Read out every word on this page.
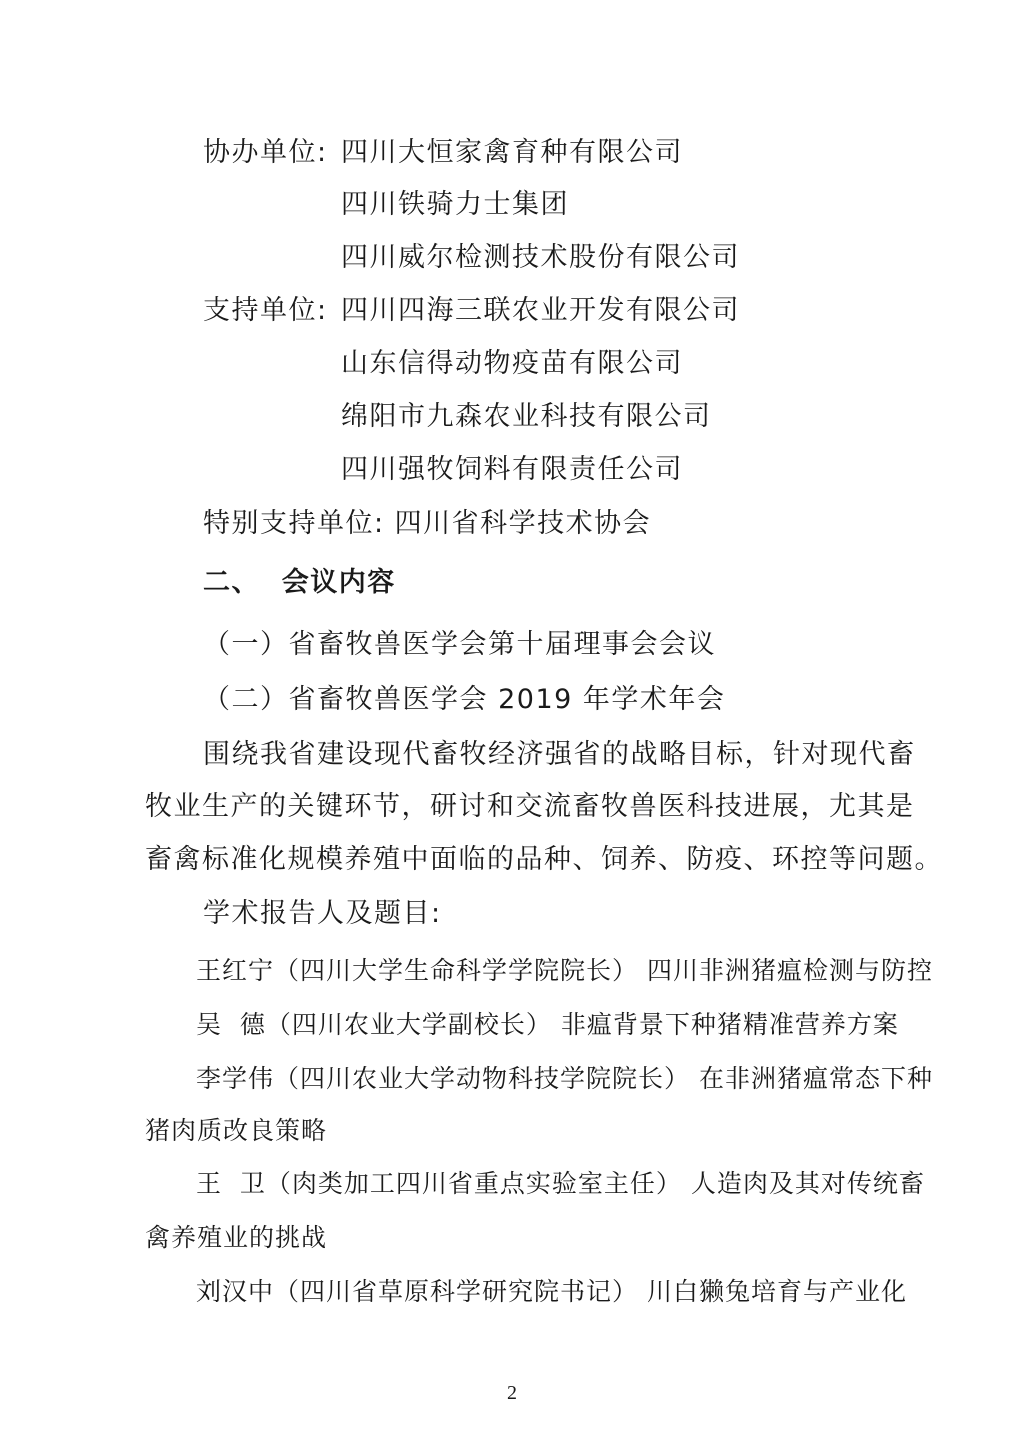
协办单位: 四川大恒家禽育种有限公司
四川铁骑力士集团
四川威尔检测技术股份有限公司
支持单位: 四川四海三联农业开发有限公司
山东信得动物疫苗有限公司
绵阳市九森农业科技有限公司
四川强牧饲料有限责任公司
特别支持单位: 四川省科学技术协会
二、  会议内容
（一）省畜牧兽医学会第十届理事会会议
（二）省畜牧兽医学会 2019 年学术年会
围绕我省建设现代畜牧经济强省的战略目标，针对现代畜
牧业生产的关键环节，研讨和交流畜牧兽医科技进展，尤其是
畜禽标准化规模养殖中面临的品种、饲养、防疫、环控等问题。
学术报告人及题目:
王红宁（四川大学生命科学学院院长） 四川非洲猪瘟检测与防控
吴  德（四川农业大学副校长） 非瘟背景下种猪精准营养方案
李学伟（四川农业大学动物科技学院院长） 在非洲猪瘟常态下种
猪肉质改良策略
王  卫（肉类加工四川省重点实验室主任） 人造肉及其对传统畜
禽养殖业的挑战
刘汉中（四川省草原科学研究院书记） 川白獭兔培育与产业化
2
